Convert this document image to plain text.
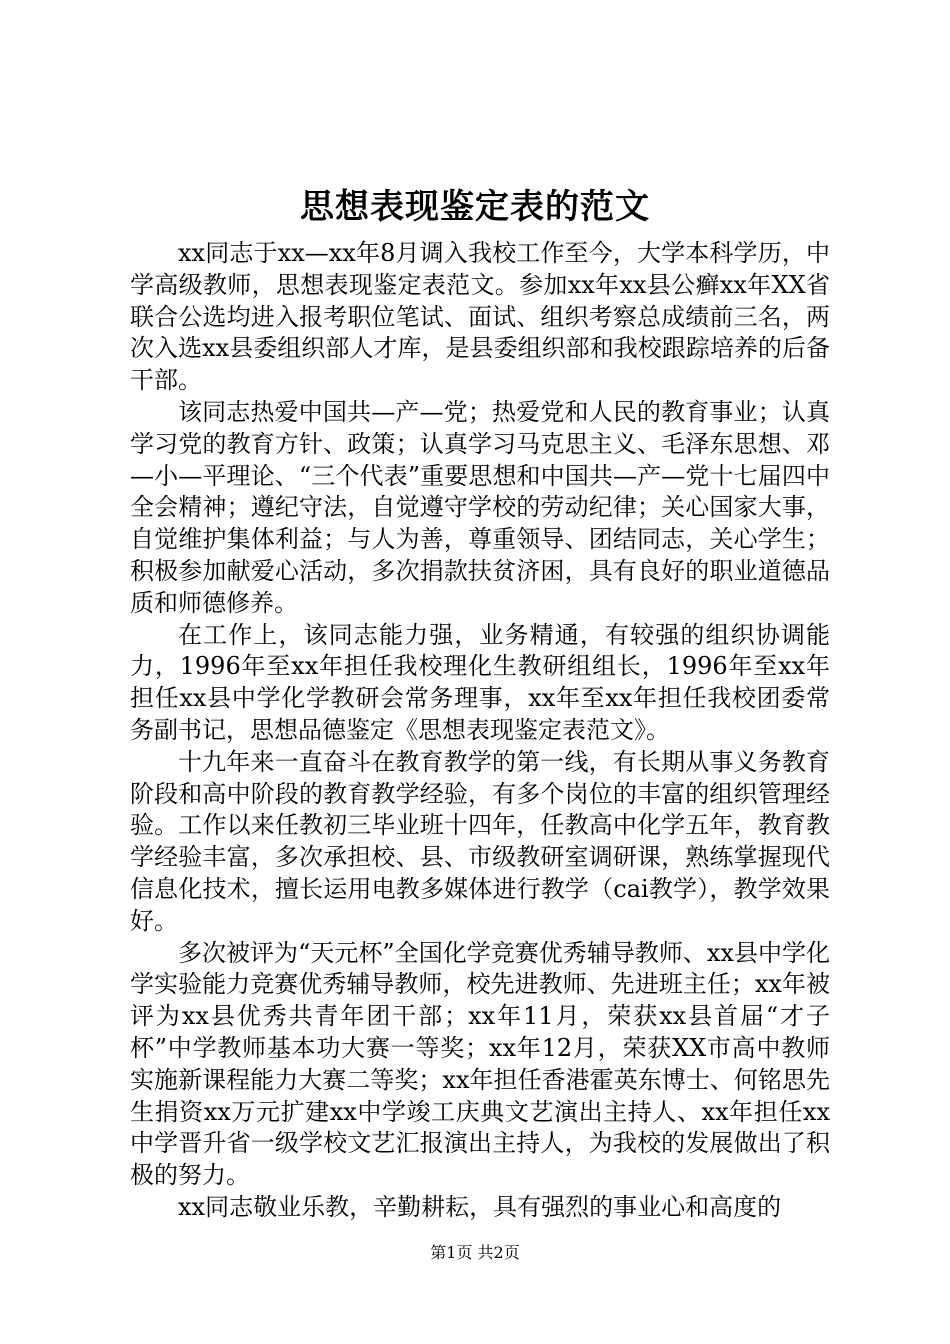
思想表现鉴定表的范文

xx同志于xx—xx年8月调入我校工作至今，大学本科学历，中学高级教师，思想表现鉴定表范文。参加xx年xx县公癣xx年XX省联合公选均进入报考职位笔试、面试、组织考察总成绩前三名，两次入选xx县委组织部人才库，是县委组织部和我校跟踪培养的后备干部。

该同志热爱中国共—产—党；热爱党和人民的教育事业；认真学习党的教育方针、政策；认真学习马克思主义、毛泽东思想、邓—小—平理论、“三个代表”重要思想和中国共—产—党十七届四中全会精神；遵纪守法，自觉遵守学校的劳动纪律；关心国家大事，自觉维护集体利益；与人为善，尊重领导、团结同志，关心学生；积极参加献爱心活动，多次捐款扶贫济困，具有良好的职业道德品质和师德修养。

在工作上，该同志能力强，业务精通，有较强的组织协调能力，1996年至xx年担任我校理化生教研组组长，1996年至xx年担任xx县中学化学教研会常务理事，xx年至xx年担任我校团委常务副书记，思想品德鉴定《思想表现鉴定表范文》。

十九年来一直奋斗在教育教学的第一线，有长期从事义务教育阶段和高中阶段的教育教学经验，有多个岗位的丰富的组织管理经验。工作以来任教初三毕业班十四年，任教高中化学五年，教育教学经验丰富，多次承担校、县、市级教研室调研课，熟练掌握现代信息化技术，擅长运用电教多媒体进行教学（cai教学），教学效果好。

多次被评为“天元杯”全国化学竞赛优秀辅导教师、xx县中学化学实验能力竞赛优秀辅导教师，校先进教师、先进班主任；xx年被评为xx县优秀共青年团干部；xx年11月，荣获xx县首届“才子杯”中学教师基本功大赛一等奖；xx年12月，荣获XX市高中教师实施新课程能力大赛二等奖；xx年担任香港霍英东博士、何铭思先生捐资xx万元扩建xx中学竣工庆典文艺演出主持人、xx年担任xx中学晋升省一级学校文艺汇报演出主持人，为我校的发展做出了积极的努力。

xx同志敬业乐教，辛勤耕耘，具有强烈的事业心和高度的

第1页 共2页
